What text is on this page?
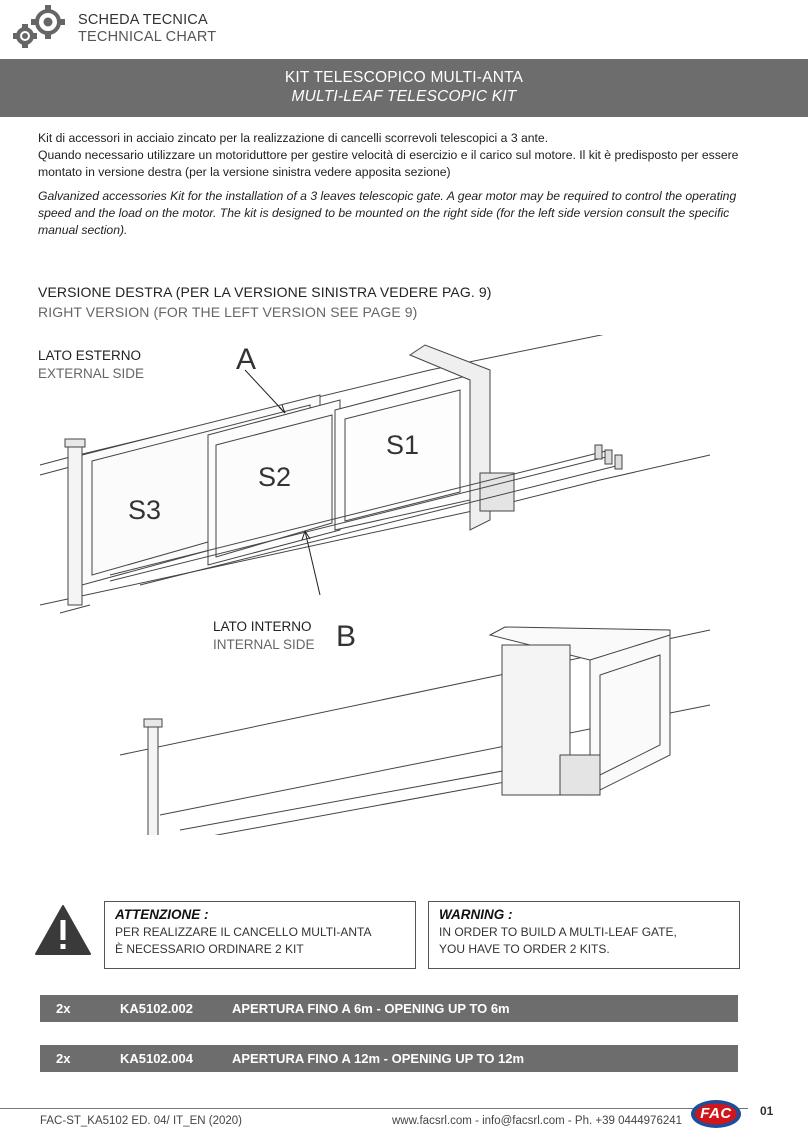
SCHEDA TECNICA
TECHNICAL CHART
KIT TELESCOPICO MULTI-ANTA
MULTI-LEAF TELESCOPIC KIT

Kit di accessori in acciaio zincato per la realizzazione di cancelli scorrevoli telescopici a 3 ante.

Quando necessario utilizzare un motoriduttore per gestire velocità di esercizio e il carico sul motore. Il kit è predisposto per essere montato in versione destra (per la versione sinistra vedere apposita sezione)

Galvanized accessories Kit for the installation of a 3 leaves telescopic gate. A gear motor may be required to control the operating speed and the load on the motor. The kit is designed to be mounted on the right side (for the left side version consult the specific manual section).

VERSIONE DESTRA (PER LA VERSIONE SINISTRA VEDERE PAG. 9)
RIGHT VERSION (FOR THE LEFT VERSION SEE PAGE 9)
LATO ESTERNO
EXTERNAL SIDE	A
S1
S2
S3
LATO INTERNO
INTERNAL SIDE B
ATTENZIONE :
PER REALIZZARE IL CANCELLO MULTI-ANTA
È NECESSARIO ORDINARE 2 KIT
WARNING :
IN ORDER TO BUILD A MULTI-LEAF GATE,
YOU HAVE TO ORDER 2 KITS.
2x	KA5102.002	APERTURA FINO A 6m - OPENING UP TO 6m
2x	KA5102.004	APERTURA FINO A 12m - OPENING UP TO 12m
FAC-ST_KA5102 ED. 04/ IT_EN (2020)	www.facsrl.com - info@facsrl.com - Ph. +39 0444976241	FAC	01
